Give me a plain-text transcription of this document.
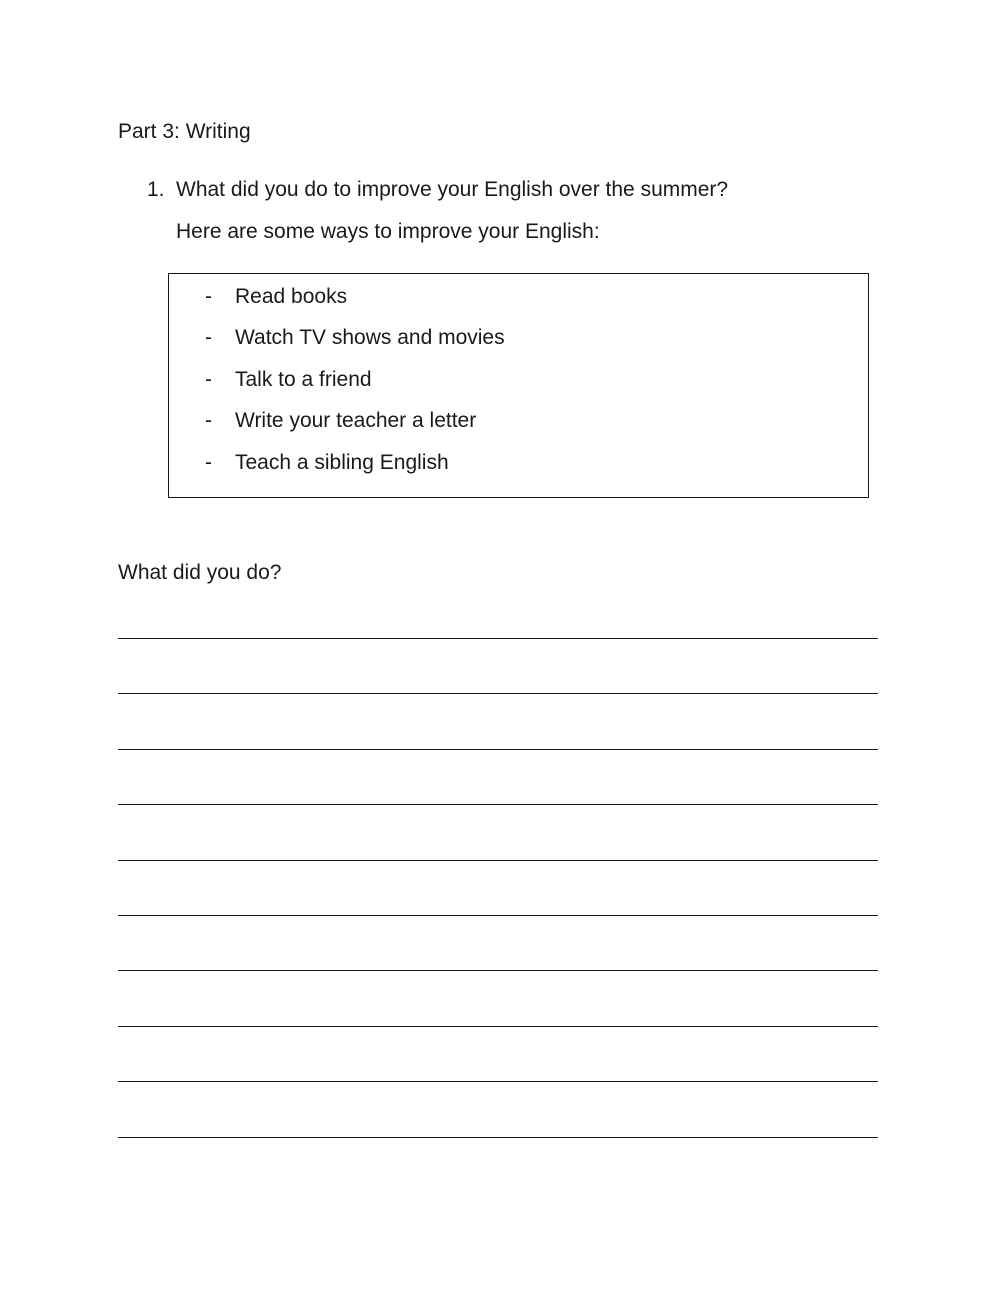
Part 3: Writing
1. What did you do to improve your English over the summer?
Here are some ways to improve your English:
-	Read books
-	Watch TV shows and movies
-	Talk to a friend
-	Write your teacher a letter
-	Teach a sibling English
What did you do?
